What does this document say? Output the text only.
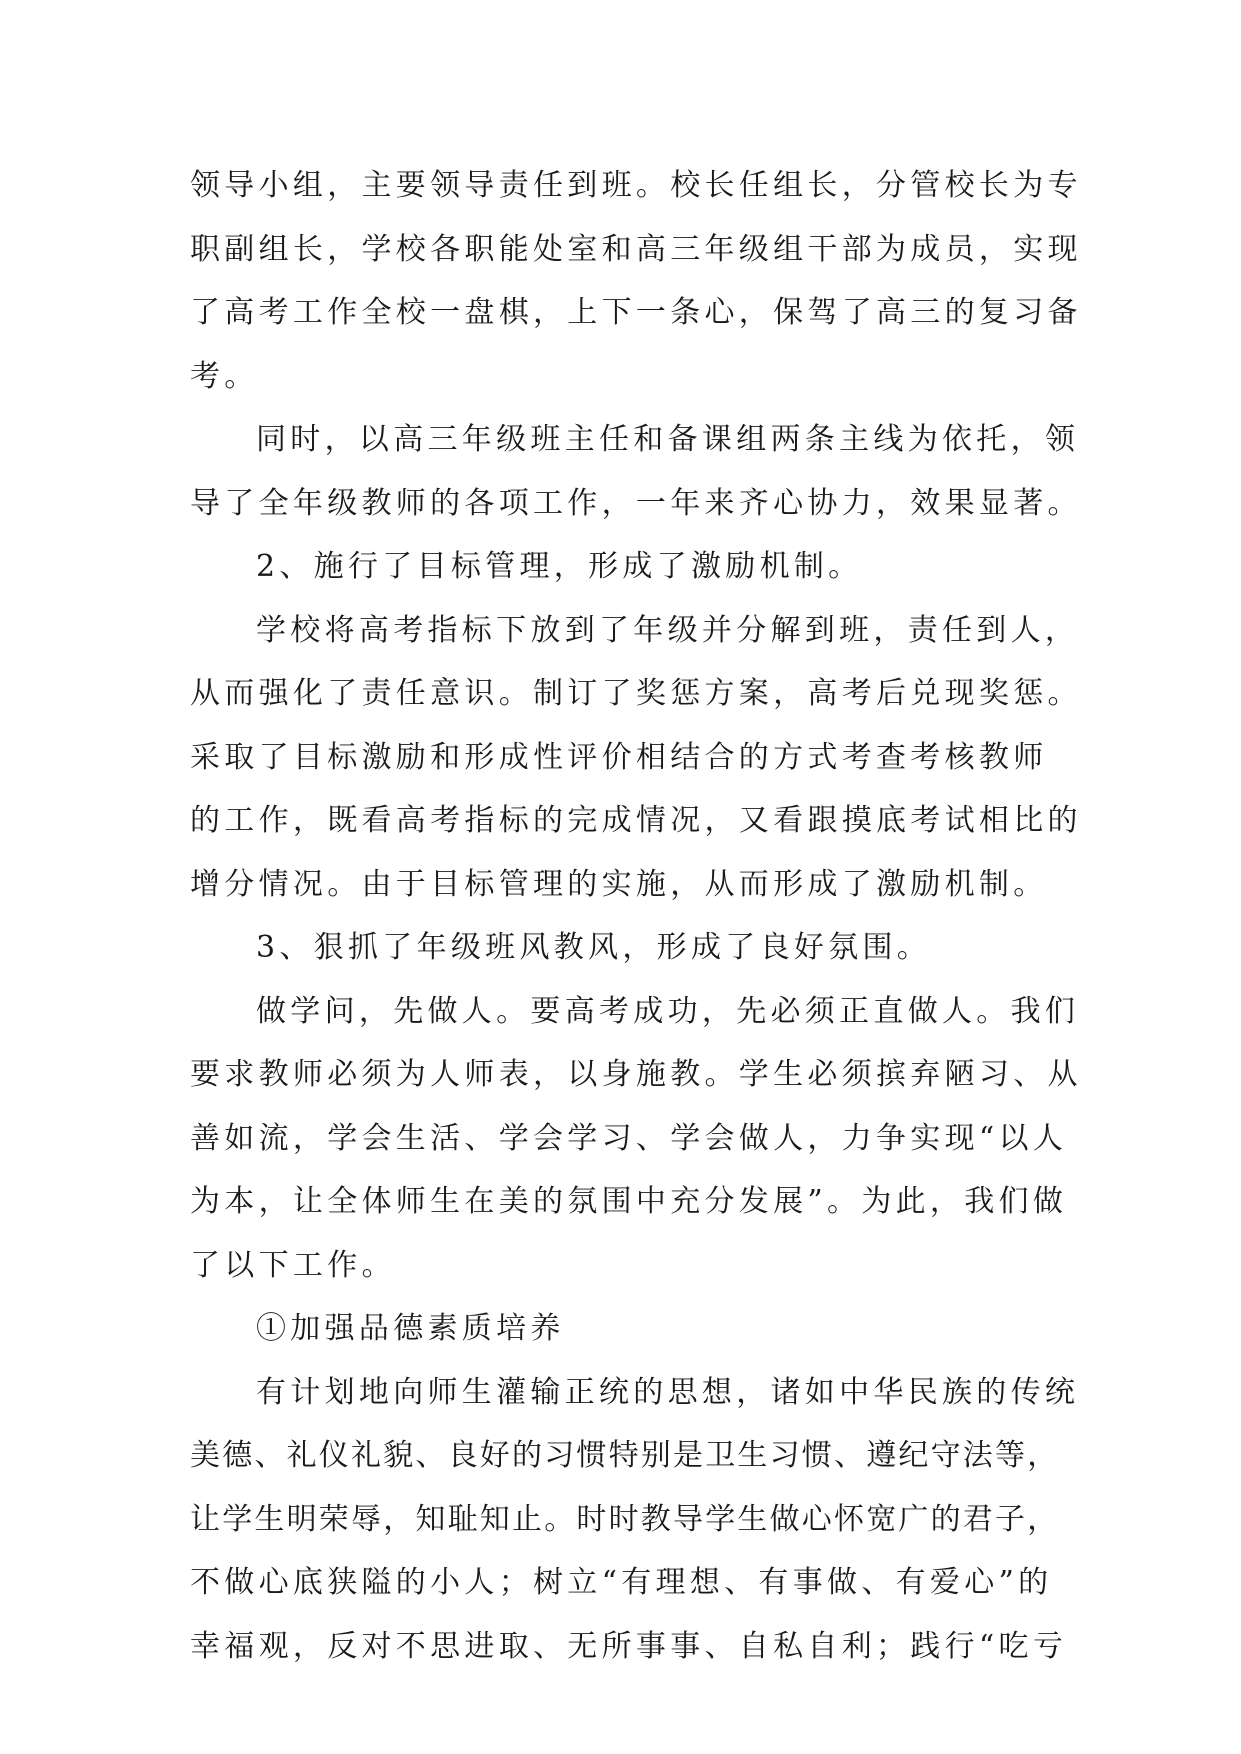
领导小组，主要领导责任到班。校长任组长，分管校长为专

职副组长，学校各职能处室和高三年级组干部为成员，实现

了高考工作全校一盘棋，上下一条心，保驾了高三的复习备

考。

同时，以高三年级班主任和备课组两条主线为依托，领

导了全年级教师的各项工作，一年来齐心协力，效果显著。

2、施行了目标管理，形成了激励机制。

学校将高考指标下放到了年级并分解到班，责任到人，

从而强化了责任意识。制订了奖惩方案，高考后兑现奖惩。

采取了目标激励和形成性评价相结合的方式考查考核教师

的工作，既看高考指标的完成情况，又看跟摸底考试相比的

增分情况。由于目标管理的实施，从而形成了激励机制。

3、狠抓了年级班风教风，形成了良好氛围。

做学问，先做人。要高考成功，先必须正直做人。我们

要求教师必须为人师表，以身施教。学生必须摈弃陋习、从

善如流，学会生活、学会学习、学会做人，力争实现“以人

为本，让全体师生在美的氛围中充分发展”。为此，我们做

了以下工作。

①加强品德素质培养

有计划地向师生灌输正统的思想，诸如中华民族的传统

美德、礼仪礼貌、良好的习惯特别是卫生习惯、遵纪守法等，

让学生明荣辱，知耻知止。时时教导学生做心怀宽广的君子，

不做心底狭隘的小人；树立“有理想、有事做、有爱心”的

幸福观，反对不思进取、无所事事、自私自利；践行“吃亏
